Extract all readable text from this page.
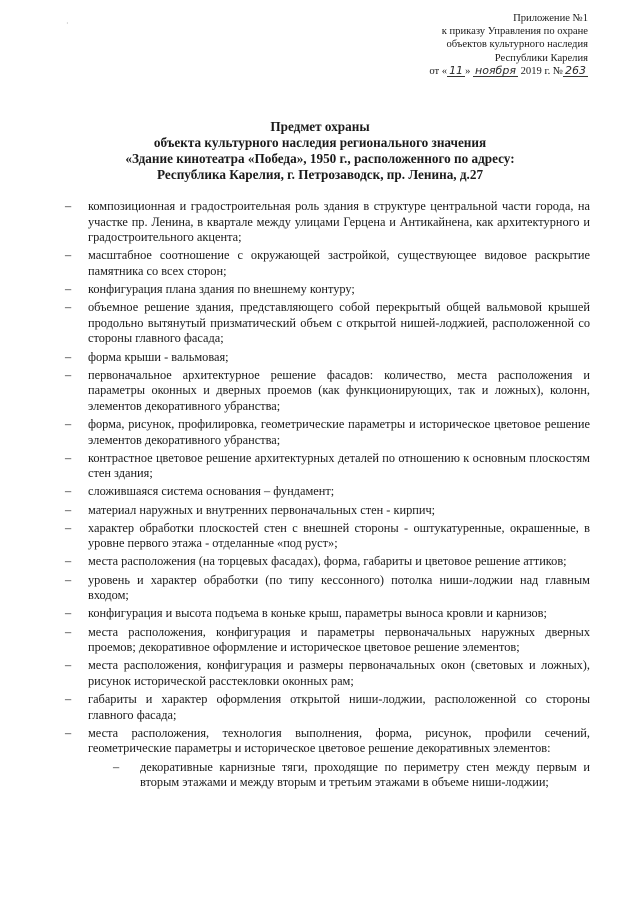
·	Приложение №1
к приказу Управления по охране
объектов культурного наследия
Республики Карелия
от « 11 » ноября 2019 г. № 263
Предмет охраны
объекта культурного наследия регионального значения
«Здание кинотеатра «Победа», 1950 г., расположенного по адресу:
Республика Карелия, г. Петрозаводск, пр. Ленина, д.27
– композиционная и градостроительная роль здания в структуре центральной части города, на участке пр. Ленина, в квартале между улицами Герцена и Антикайнена, как архитектурного и градостроительного акцента;
– масштабное соотношение с окружающей застройкой, существующее видовое раскрытие памятника со всех сторон;
– конфигурация плана здания по внешнему контуру;
– объемное решение здания, представляющего собой перекрытый общей вальмовой крышей продольно вытянутый призматический объем с открытой нишей-лоджией, расположенной со стороны главного фасада;
– форма крыши - вальмовая;
– первоначальное архитектурное решение фасадов: количество, места расположения и параметры оконных и дверных проемов (как функционирующих, так и ложных), колонн, элементов декоративного убранства;
– форма, рисунок, профилировка, геометрические параметры и историческое цветовое решение элементов декоративного убранства;
– контрастное цветовое решение архитектурных деталей по отношению к основным плоскостям стен здания;
– сложившаяся система основания – фундамент;
– материал наружных и внутренних первоначальных стен - кирпич;
– характер обработки плоскостей стен с внешней стороны - оштукатуренные, окрашенные, в уровне первого этажа - отделанные «под руст»;
– места расположения (на торцевых фасадах), форма, габариты и цветовое решение аттиков;
– уровень и характер обработки (по типу кессонного) потолка ниши-лоджии над главным входом;
– конфигурация и высота подъема в коньке крыш, параметры выноса кровли и карнизов;
– места расположения, конфигурация и параметры первоначальных наружных дверных проемов; декоративное оформление и историческое цветовое решение элементов;
– места расположения, конфигурация и размеры первоначальных окон (световых и ложных), рисунок исторической расстекловки оконных рам;
– габариты и характер оформления открытой ниши-лоджии, расположенной со стороны главного фасада;
– места расположения, технология выполнения, форма, рисунок, профили сечений, геометрические параметры и историческое цветовое решение декоративных элементов:
– декоративные карнизные тяги, проходящие по периметру стен между первым и вторым этажами и между вторым и третьим этажами в объеме ниши-лоджии;
